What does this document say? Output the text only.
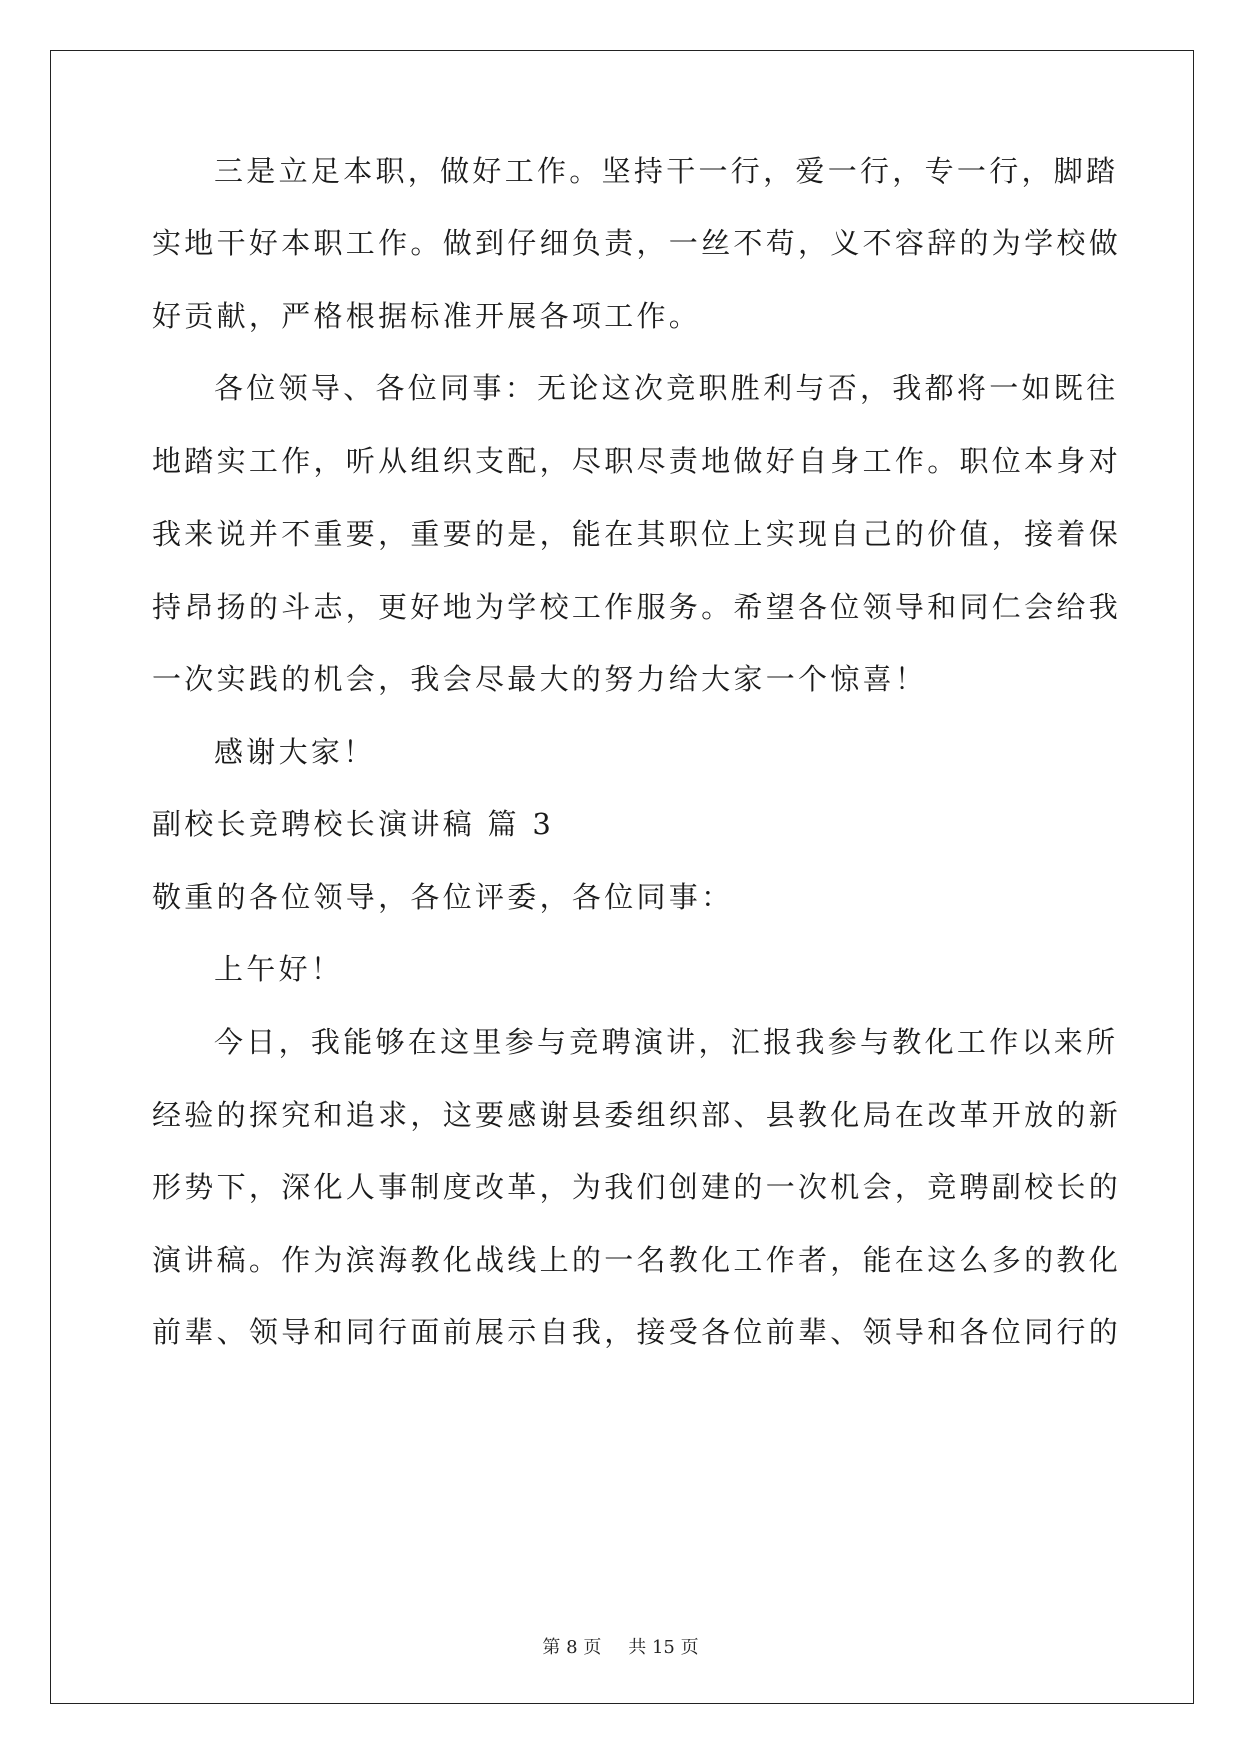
三是立足本职，做好工作。坚持干一行，爱一行，专一行，脚踏
实地干好本职工作。做到仔细负责，一丝不苟，义不容辞的为学校做
好贡献，严格根据标准开展各项工作。
各位领导、各位同事：无论这次竞职胜利与否，我都将一如既往
地踏实工作，听从组织支配，尽职尽责地做好自身工作。职位本身对
我来说并不重要，重要的是，能在其职位上实现自己的价值，接着保
持昂扬的斗志，更好地为学校工作服务。希望各位领导和同仁会给我
一次实践的机会，我会尽最大的努力给大家一个惊喜！
感谢大家！
副校长竞聘校长演讲稿 篇 3
敬重的各位领导，各位评委，各位同事：
上午好！
今日，我能够在这里参与竞聘演讲，汇报我参与教化工作以来所
经验的探究和追求，这要感谢县委组织部、县教化局在改革开放的新
形势下，深化人事制度改革，为我们创建的一次机会，竞聘副校长的
演讲稿。作为滨海教化战线上的一名教化工作者，能在这么多的教化
前辈、领导和同行面前展示自我，接受各位前辈、领导和各位同行的
第 8 页 共 15 页
